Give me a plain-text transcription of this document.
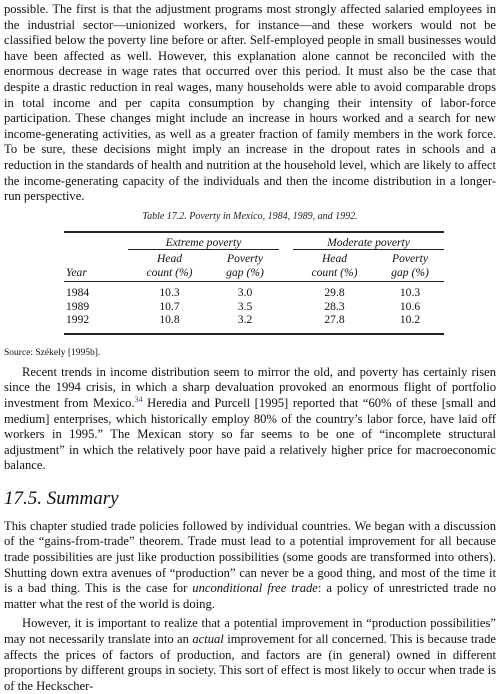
possible. The first is that the adjustment programs most strongly affected salaried employees in the industrial sector—unionized workers, for instance—and these workers would not be classified below the poverty line before or after. Self-employed people in small businesses would have been affected as well. However, this explanation alone cannot be reconciled with the enormous decrease in wage rates that occurred over this period. It must also be the case that despite a drastic reduction in real wages, many households were able to avoid comparable drops in total income and per capita consumption by changing their intensity of labor-force participation. These changes might include an increase in hours worked and a search for new income-generating activities, as well as a greater fraction of family members in the work force. To be sure, these decisions might imply an increase in the dropout rates in schools and a reduction in the standards of health and nutrition at the household level, which are likely to affect the income-generating capacity of the individuals and then the income distribution in a longer-run perspective.

Table 17.2. Poverty in Mexico, 1984, 1989, and 1992.
	Extreme poverty			Moderate poverty	
	Head	Poverty		Head	Poverty
Year	count (%)	gap (%)		count (%)	gap (%)
1984	10.3	3.0		29.8	10.3
1989	10.7	3.5		28.3	10.6
1992	10.8	3.2		27.8	10.2
Source: Székely [1995b].

Recent trends in income distribution seem to mirror the old, and poverty has certainly risen since the 1994 crisis, in which a sharp devaluation provoked an enormous flight of portfolio investment from Mexico.$^{34}$ Heredia and Purcell [1995] reported that “60% of these [small and medium] enterprises, which historically employ 80% of the country’s labor force, have laid off workers in 1995.” The Mexican story so far seems to be one of “incomplete structural adjustment” in which the relatively poor have paid a relatively higher price for macroeconomic balance.

17.5. Summary

This chapter studied trade policies followed by individual countries. We began with a discussion of the “gains-from-trade” theorem. Trade must lead to a potential improvement for all because trade possibilities are just like production possibilities (some goods are transformed into others). Shutting down extra avenues of “production” can never be a good thing, and most of the time it is a bad thing. This is the case for unconditional free trade: a policy of unrestricted trade no matter what the rest of the world is doing.

However, it is important to realize that a potential improvement in “production possibilities” may not necessarily translate into an actual improvement for all concerned. This is because trade affects the prices of factors of production, and factors are (in general) owned in different proportions by different groups in society. This sort of effect is most likely to occur when trade is of the Heckscher-
